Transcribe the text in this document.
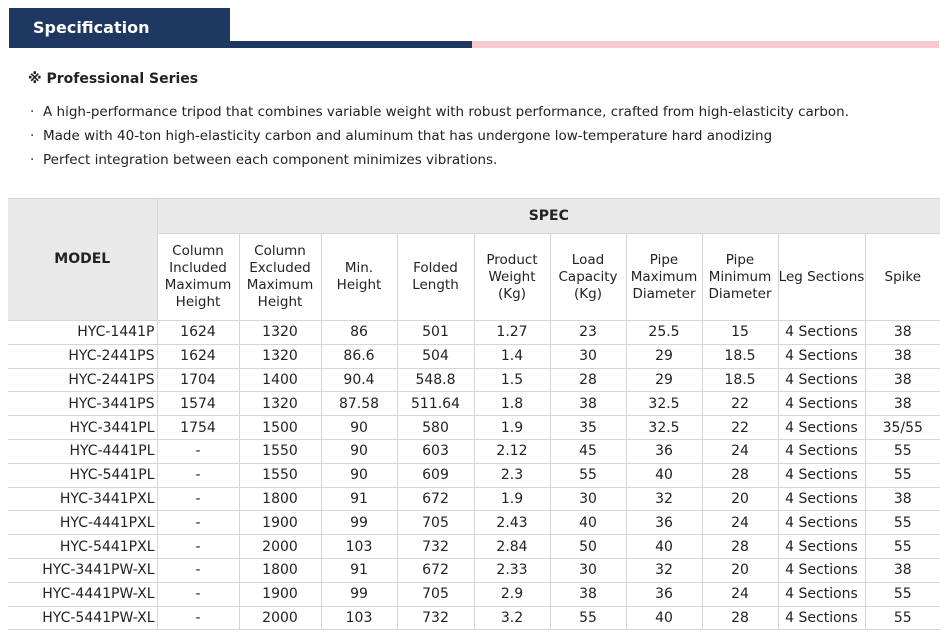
Specification
※ Professional Series
· A high-performance tripod that combines variable weight with robust performance, crafted from high-elasticity carbon.
· Made with 40-ton high-elasticity carbon and aluminum that has undergone low-temperature hard anodizing
· Perfect integration between each component minimizes vibrations.
MODEL	SPEC									
	Column Included Maximum Height	Column Excluded Maximum Height	Min. Height	Folded Length	Product Weight (Kg)	Load Capacity (Kg)	Pipe Maximum Diameter	Pipe Minimum Diameter	Leg Sections	Spike
HYC-1441P	1624	1320	86	501	1.27	23	25.5	15	4 Sections	38
HYC-2441PS	1624	1320	86.6	504	1.4	30	29	18.5	4 Sections	38
HYC-2441PS	1704	1400	90.4	548.8	1.5	28	29	18.5	4 Sections	38
HYC-3441PS	1574	1320	87.58	511.64	1.8	38	32.5	22	4 Sections	38
HYC-3441PL	1754	1500	90	580	1.9	35	32.5	22	4 Sections	35/55
HYC-4441PL	-	1550	90	603	2.12	45	36	24	4 Sections	55
HYC-5441PL	-	1550	90	609	2.3	55	40	28	4 Sections	55
HYC-3441PXL	-	1800	91	672	1.9	30	32	20	4 Sections	38
HYC-4441PXL	-	1900	99	705	2.43	40	36	24	4 Sections	55
HYC-5441PXL	-	2000	103	732	2.84	50	40	28	4 Sections	55
HYC-3441PW-XL	-	1800	91	672	2.33	30	32	20	4 Sections	38
HYC-4441PW-XL	-	1900	99	705	2.9	38	36	24	4 Sections	55
HYC-5441PW-XL	-	2000	103	732	3.2	55	40	28	4 Sections	55
